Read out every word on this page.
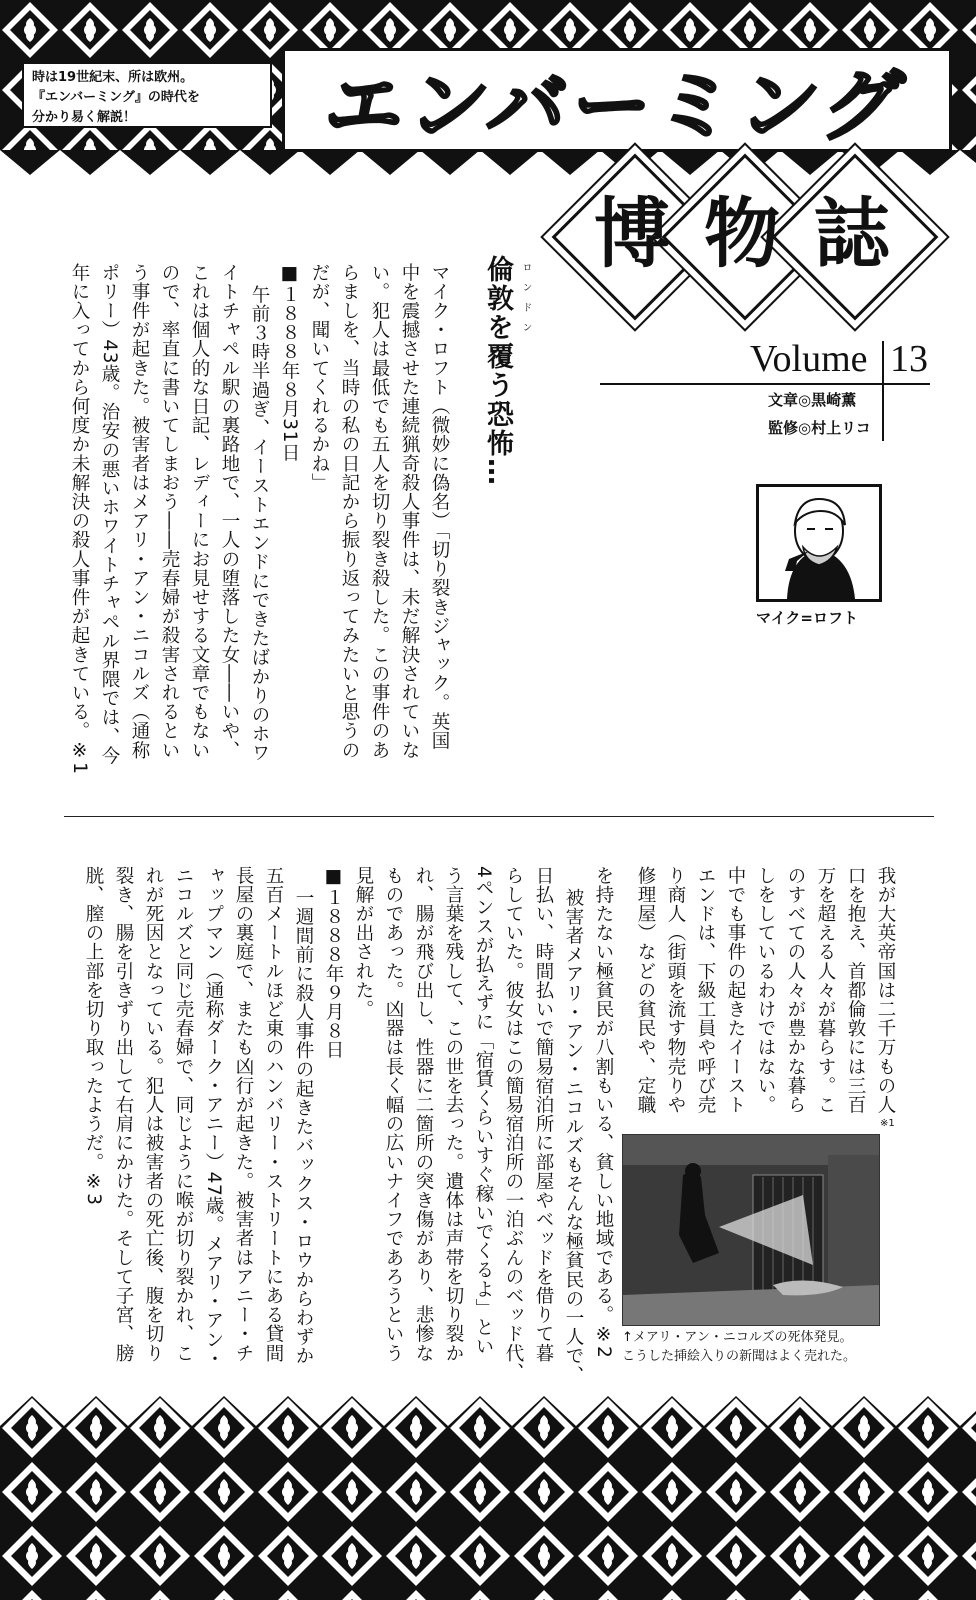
時は19世紀末、所は欧州。
『エンバーミング』の時代を
分かり易く解説！	エンバーミング
博 物 誌
Volume 13
文章◎黒崎薫
監修◎村上リコ
マイク=ロフト
ロンドン
倫敦を覆う恐怖…
マイク・ロフト（微妙に偽名）「切り裂きジャック。英国
中を震撼させた連続猟奇殺人事件は、未だ解決されていな
い。犯人は最低でも五人を切り裂き殺した。この事件のあ
らましを、当時の私の日記から振り返ってみたいと思うの
だが、聞いてくれるかね」
■１８８８年８月31日
午前３時半過ぎ、イーストエンドにできたばかりのホワ
イトチャペル駅の裏路地で、一人の堕落した女――いや、
これは個人的な日記、レディーにお見せする文章でもない
ので、率直に書いてしまおう――売春婦が殺害されるとい
う事件が起きた。被害者はメアリ・アン・ニコルズ（通称
ポリー）43歳。治安の悪いホワイトチャペル界隈では、今
年に入ってから何度か未解決の殺人事件が起きている。※1
我が大英帝国は二千万もの人
口を抱え、首都倫敦には三百
万を超える人々が暮らす。こ
のすべての人々が豊かな暮ら
しをしているわけではない。
中でも事件の起きたイースト
エンドは、下級工員や呼び売
り商人（街頭を流す物売りや
修理屋）などの貧民や、定職
を持たない極貧民が八割もいる、貧しい地域である。※2
被害者メアリ・アン・ニコルズもそんな極貧民の一人で、
日払い、時間払いで簡易宿泊所に部屋やベッドを借りて暮
らしていた。彼女はこの簡易宿泊所の一泊ぶんのベッド代、
4ペンスが払えずに「宿賃くらいすぐ稼いでくるよ」とい
う言葉を残して、この世を去った。遺体は声帯を切り裂か
れ、腸が飛び出し、性器に二箇所の突き傷があり、悲惨な
ものであった。凶器は長く幅の広いナイフであろうという
見解が出された。
■１８８８年９月８日
一週間前に殺人事件の起きたバックス・ロウからわずか
五百メートルほど東のハンバリー・ストリートにある貸間
長屋の裏庭で、またも凶行が起きた。被害者はアニー・チ
ャップマン（通称ダーク・アニー）47歳。メアリ・アン・
ニコルズと同じ売春婦で、同じように喉が切り裂かれ、こ
れが死因となっている。犯人は被害者の死亡後、腹を切り
裂き、腸を引きずり出して右肩にかけた。そして子宮、膀
胱、膣の上部を切り取ったようだ。※3	※1
↑メアリ・アン・ニコルズの死体発見。
こうした挿絵入りの新聞はよく売れた。
